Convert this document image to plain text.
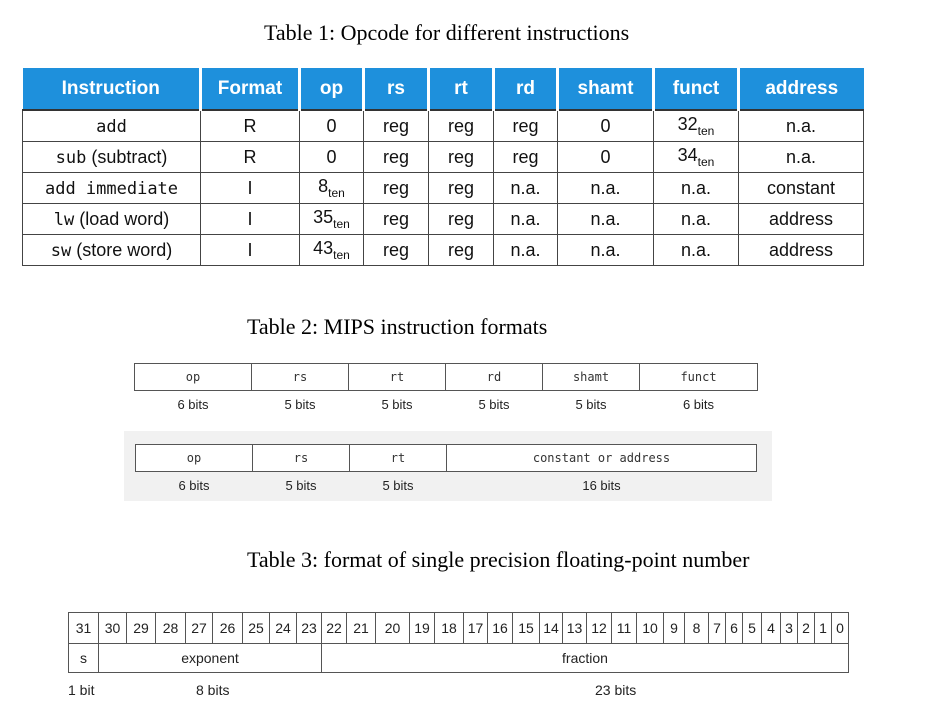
Table 1: Opcode for different instructions
Instruction	Format	op	rs	rt	rd	shamt	funct	address
add	R	0	reg	reg	reg	0	$32_{ten}$	n.a.
sub (subtract)	R	0	reg	reg	reg	0	$34_{ten}$	n.a.
add immediate	I	$8_{ten}$	reg	reg	n.a.	n.a.	n.a.	constant
lw (load word)	I	$35_{ten}$	reg	reg	n.a.	n.a.	n.a.	address
sw (store word)	I	$43_{ten}$	reg	reg	n.a.	n.a.	n.a.	address
Table 2: MIPS instruction formats
op	rs	rt	rd	shamt	funct
6 bits	5 bits	5 bits	5 bits	5 bits	6 bits
op	rs	rt	constant or address
6 bits	5 bits	5 bits	16 bits
Table 3: format of single precision floating-point number
31	30	29	28	27	26	25	24	23	22	21	20	19	18	17	16	15	14	13	12	11	10	9	8	7	6	5	4	3	2	1	0
s	exponent								fraction																						
1 bit	8 bits	23 bits
